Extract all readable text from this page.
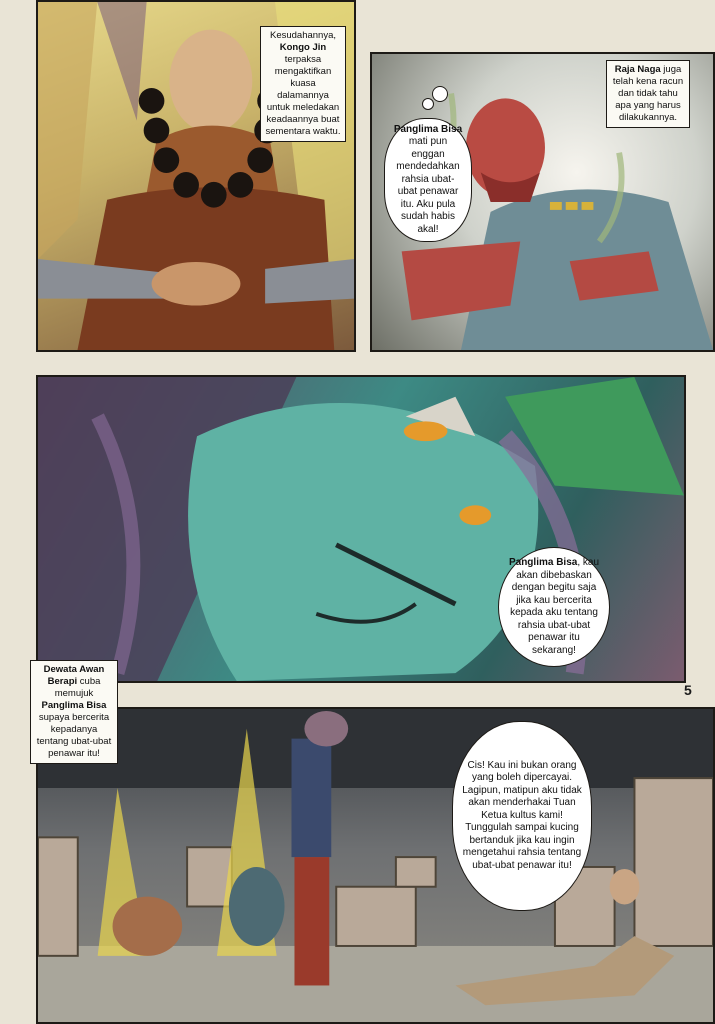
Kesudahannya, Kongo Jin terpaksa mengaktifkan kuasa dalamannya untuk meledakan keadaannya buat sementara waktu.
Raja Naga juga telah kena racun dan tidak tahu apa yang harus dilakukannya.
Panglima Bisa mati pun enggan mendedahkan rahsia ubat-ubat penawar itu. Aku pula sudah habis akal!
Panglima Bisa, kau akan dibebaskan dengan begitu saja jika kau bercerita kepada aku tentang rahsia ubat-ubat penawar itu sekarang!
5
Cis! Kau ini bukan orang yang boleh dipercayai. Lagipun, matipun aku tidak akan menderhakai Tuan Ketua kultus kami! Tunggulah sampai kucing bertanduk jika kau ingin mengetahui rahsia tentang ubat-ubat penawar itu!
Dewata Awan Berapi cuba memujuk Panglima Bisa supaya bercerita kepadanya tentang ubat-ubat penawar itu!
